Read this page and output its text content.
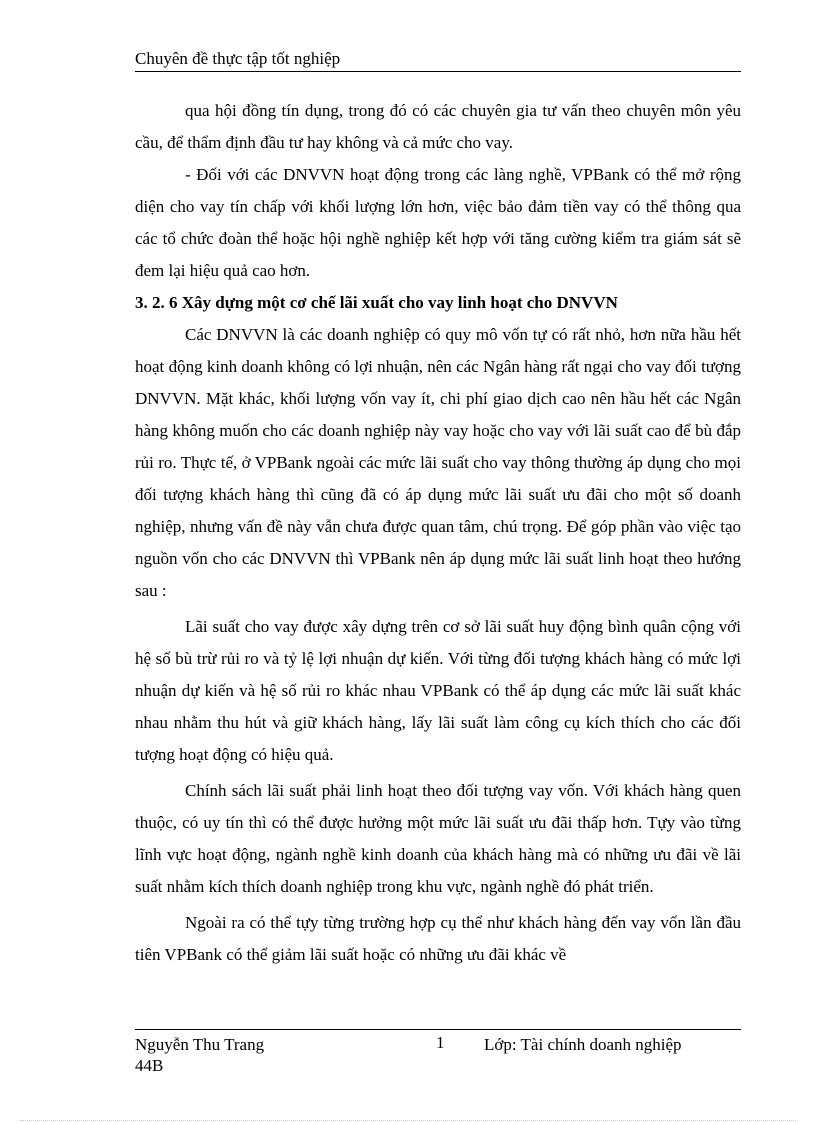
Chuyên đề thực tập tốt nghiệp

qua hội đồng tín dụng, trong đó có các chuyên gia tư vấn theo chuyên môn yêu cầu, để thẩm định đầu tư hay không và cả mức cho vay.

- Đối với các DNVVN hoạt động trong các làng nghề, VPBank có thể mở rộng diện cho vay tín chấp với khối lượng lớn hơn, việc bảo đảm tiền vay có thể thông qua các tổ chức đoàn thể hoặc hội nghề nghiệp kết hợp với tăng cường kiểm tra giám sát sẽ đem lại hiệu quả cao hơn.

3. 2. 6 Xây dựng một cơ chế lãi xuất cho vay linh hoạt cho DNVVN

Các DNVVN là các doanh nghiệp có quy mô vốn tự có rất nhỏ, hơn nữa hầu hết hoạt động kinh doanh không có lợi nhuận, nên các Ngân hàng rất ngại cho vay đối tượng DNVVN. Mặt khác, khối lượng vốn vay ít, chi phí giao dịch cao nên hầu hết các Ngân hàng không muốn cho các doanh nghiệp này vay hoặc cho vay với lãi suất cao để bù đắp rủi ro. Thực tế, ở VPBank ngoài các mức lãi suất cho vay thông thường áp dụng cho mọi đối tượng khách hàng thì cũng đã có áp dụng mức lãi suất ưu đãi cho một số doanh nghiệp, nhưng vấn đề này vẫn chưa được quan tâm, chú trọng. Để góp phần vào việc tạo nguồn vốn cho các DNVVN thì VPBank nên áp dụng mức lãi suất linh hoạt theo hướng sau :

Lãi suất cho vay được xây dựng trên cơ sở lãi suất huy động bình quân cộng với hệ số bù trừ rủi ro và tỷ lệ lợi nhuận dự kiến. Với từng đối tượng khách hàng có mức lợi nhuận dự kiến và hệ số rủi ro khác nhau VPBank có thể áp dụng các mức lãi suất khác nhau nhằm thu hút và giữ khách hàng, lấy lãi suất làm công cụ kích thích cho các đối tượng hoạt động có hiệu quả.

Chính sách lãi suất phải linh hoạt theo đối tượng vay vốn. Với khách hàng quen thuộc, có uy tín thì có thể được hưởng một mức lãi suất ưu đãi thấp hơn. Tựy vào từng lĩnh vực hoạt động, ngành nghề kinh doanh của khách hàng mà có những ưu đãi về lãi suất nhằm kích thích doanh nghiệp trong khu vực, ngành nghề đó phát triển.

Ngoài ra có thể tựy từng trường hợp cụ thể như khách hàng đến vay vốn lần đầu tiên VPBank có thể giảm lãi suất hoặc có những ưu đãi khác về

Nguyễn Thu Trang
44B
1 Lớp: Tài chính doanh nghiệp
